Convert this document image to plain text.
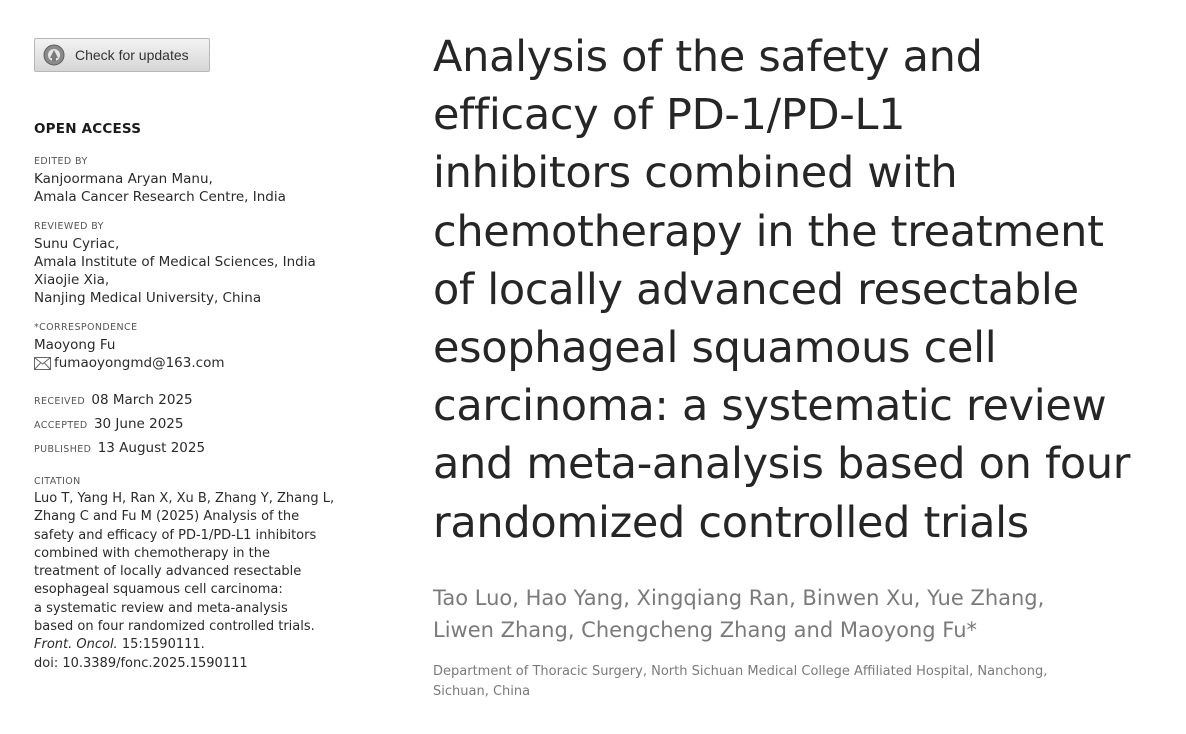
Check for updates
OPEN ACCESS
EDITED BY
Kanjoormana Aryan Manu,
Amala Cancer Research Centre, India
REVIEWED BY
Sunu Cyriac,
Amala Institute of Medical Sciences, India
Xiaojie Xia,
Nanjing Medical University, China
*CORRESPONDENCE
Maoyong Fu
fumaoyongmd@163.com
RECEIVED 08 March 2025
ACCEPTED 30 June 2025
PUBLISHED 13 August 2025
CITATION
Luo T, Yang H, Ran X, Xu B, Zhang Y, Zhang L,
Zhang C and Fu M (2025) Analysis of the
safety and efficacy of PD-1/PD-L1 inhibitors
combined with chemotherapy in the
treatment of locally advanced resectable
esophageal squamous cell carcinoma:
a systematic review and meta-analysis
based on four randomized controlled trials.
Front. Oncol. 15:1590111.
doi: 10.3389/fonc.2025.1590111
Analysis of the safety and
efficacy of PD-1/PD-L1
inhibitors combined with
chemotherapy in the treatment
of locally advanced resectable
esophageal squamous cell
carcinoma: a systematic review
and meta-analysis based on four
randomized controlled trials
Tao Luo, Hao Yang, Xingqiang Ran, Binwen Xu, Yue Zhang,
Liwen Zhang, Chengcheng Zhang and Maoyong Fu*
Department of Thoracic Surgery, North Sichuan Medical College Affiliated Hospital, Nanchong,
Sichuan, China
